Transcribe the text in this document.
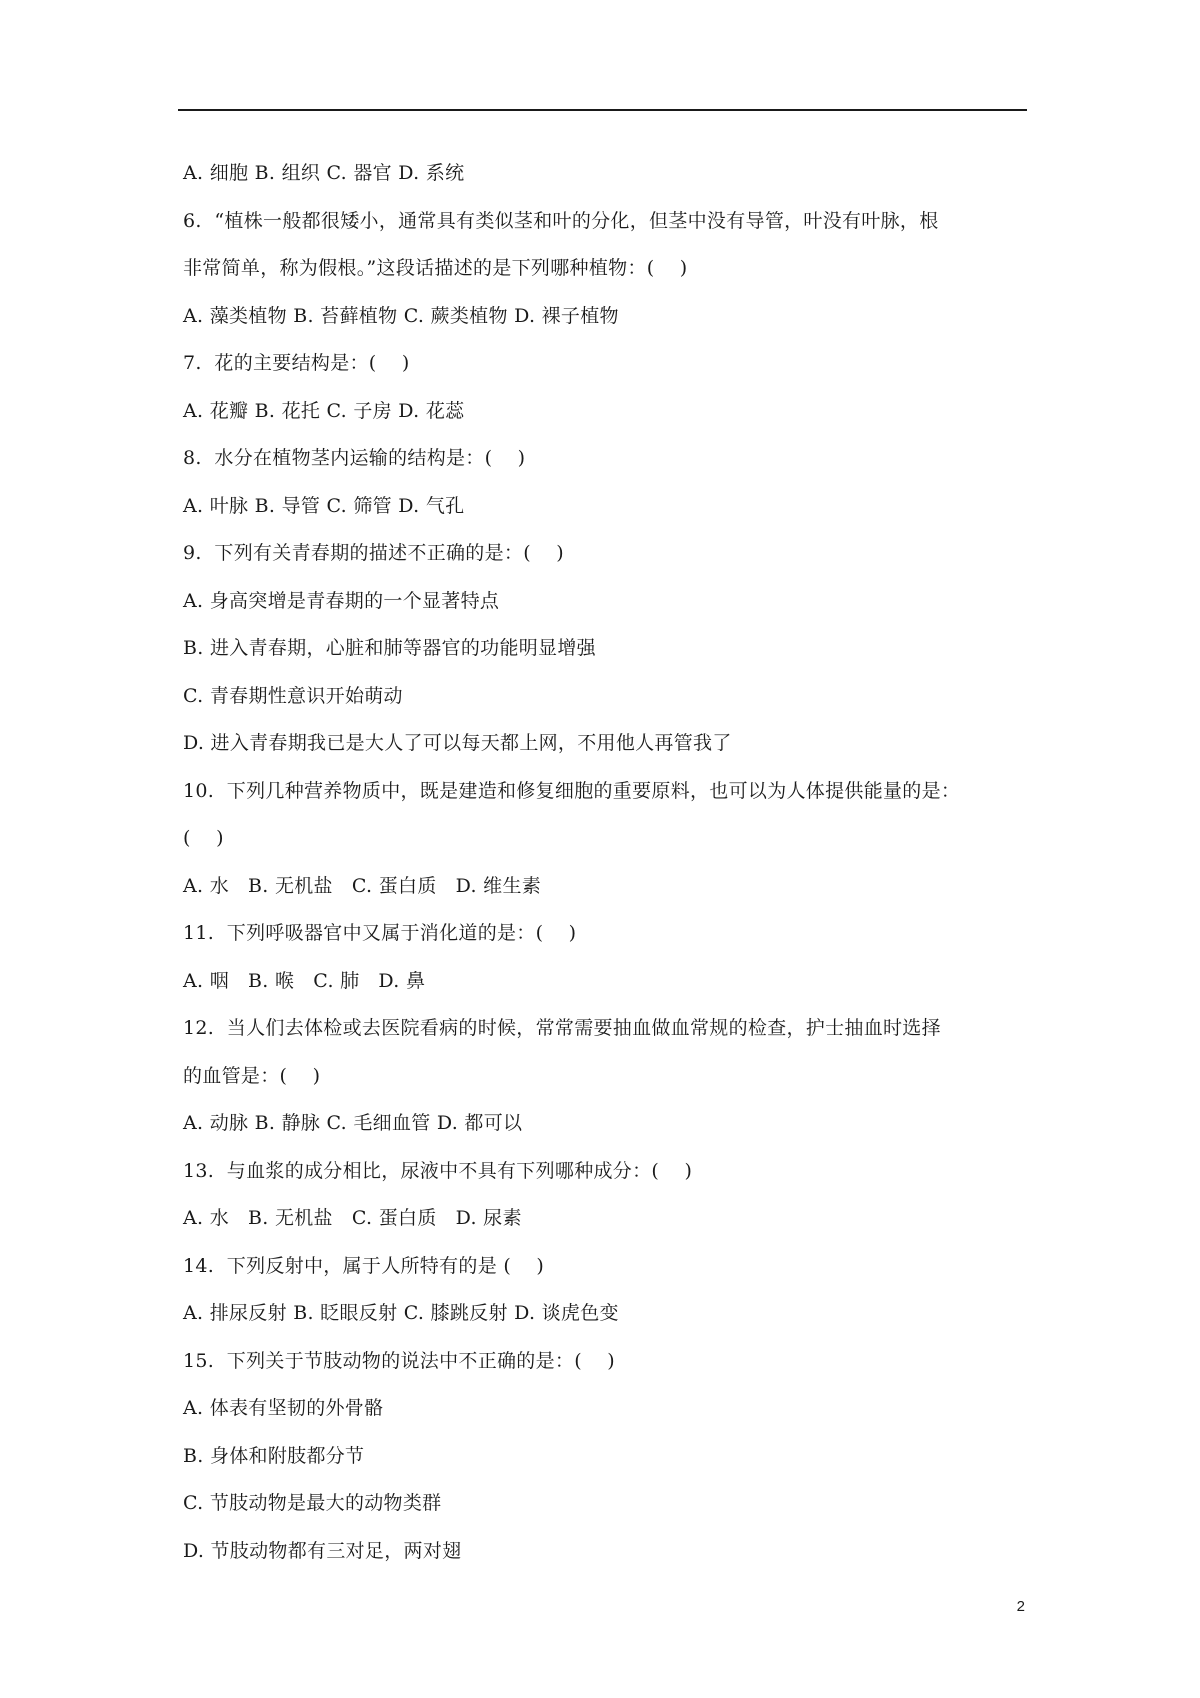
A. 细胞 B. 组织 C. 器官 D. 系统
6.  “植株一般都很矮小，通常具有类似茎和叶的分化，但茎中没有导管，叶没有叶脉，根
非常简单，称为假根。”这段话描述的是下列哪种植物：(    )
A. 藻类植物 B. 苔藓植物 C. 蕨类植物 D. 裸子植物
7.  花的主要结构是：(    )
A. 花瓣 B. 花托 C. 子房 D. 花蕊
8.  水分在植物茎内运输的结构是：(    )
A. 叶脉 B. 导管 C. 筛管 D. 气孔
9.  下列有关青春期的描述不正确的是：(    )
A. 身高突增是青春期的一个显著特点
B. 进入青春期，心脏和肺等器官的功能明显增强
C. 青春期性意识开始萌动
D. 进入青春期我已是大人了可以每天都上网，不用他人再管我了
10.  下列几种营养物质中，既是建造和修复细胞的重要原料，也可以为人体提供能量的是：
(    )
A. 水   B. 无机盐   C. 蛋白质   D. 维生素
11.  下列呼吸器官中又属于消化道的是：(    )
A. 咽   B. 喉   C. 肺   D. 鼻
12.  当人们去体检或去医院看病的时候，常常需要抽血做血常规的检查，护士抽血时选择
的血管是：(    )
A. 动脉 B. 静脉 C. 毛细血管 D. 都可以
13.  与血浆的成分相比，尿液中不具有下列哪种成分：(    )
A. 水   B. 无机盐   C. 蛋白质   D. 尿素
14.  下列反射中，属于人所特有的是 (    )
A. 排尿反射 B. 眨眼反射 C. 膝跳反射 D. 谈虎色变
15.  下列关于节肢动物的说法中不正确的是：(    )
A. 体表有坚韧的外骨骼
B. 身体和附肢都分节
C. 节肢动物是最大的动物类群
D. 节肢动物都有三对足，两对翅
2
